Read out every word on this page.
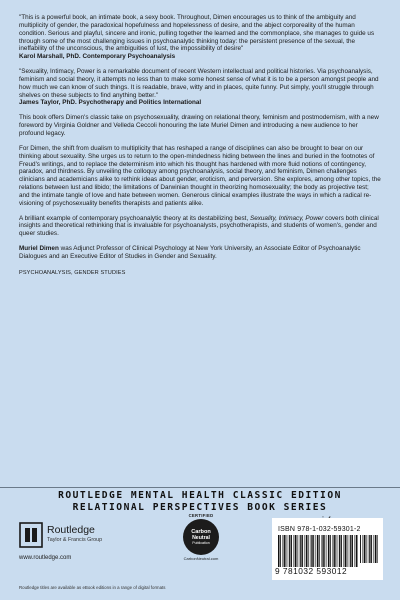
"This is a powerful book, an intimate book, a sexy book. Throughout, Dimen encourages us to think of the ambiguity and multiplicity of gender, the paradoxical hopefulness and hopelessness of desire, and the abject corporeality of the human condition. Serious and playful, sincere and ironic, pulling together the learned and the commonplace, she manages to guide us through some of the most challenging issues in psychoanalytic thinking today: the persistent presence of the sexual, the ineffability of the unconscious, the ambiguities of lust, the impossibility of desire"
Karol Marshall, PhD. Contemporary Psychoanalysis

"Sexuality, Intimacy, Power is a remarkable document of recent Western intellectual and political histories. Via psychoanalysis, feminism and social theory, it attempts no less than to make some honest sense of what it is to be a person amongst people and how much we can know of such things. It is readable, brave, witty and in places, quite funny. Put simply, you'll struggle through shelves on these subjects to find anything better."
James Taylor, PhD. Psychotherapy and Politics International

This book offers Dimen's classic take on psychosexuality, drawing on relational theory, feminism and postmodernism, with a new foreword by Virginia Goldner and Velleda Ceccoli honouring the late Muriel Dimen and introducing a new audience to her profound legacy.

For Dimen, the shift from dualism to multiplicity that has reshaped a range of disciplines can also be brought to bear on our thinking about sexuality. She urges us to return to the open-mindedness hiding between the lines and buried in the footnotes of Freud's writings, and to replace the determinism into which his thought has hardened with more fluid notions of contingency, paradox, and thirdness. By unveiling the colloquy among psychoanalysis, social theory, and feminism, Dimen challenges clinicians and academicians alike to rethink ideas about gender, eroticism, and perversion. She explores, among other topics, the relations between lust and libido; the limitations of Darwinian thought in theorizing homosexuality; the body as projective test; and the intimate tangle of love and hate between women. Generous clinical examples illustrate the ways in which a radical re-visioning of psychosexuality benefits therapists and patients alike.

A brilliant example of contemporary psychoanalytic theory at its destabilizing best, Sexuality, Intimacy, Power covers both clinical insights and theoretical rethinking that is invaluable for psychoanalysts, psychotherapists, and students of women's, gender and queer studies.

Muriel Dimen was Adjunct Professor of Clinical Psychology at New York University, an Associate Editor of Psychoanalytic Dialogues and an Executive Editor of Studies in Gender and Sexuality.

PSYCHOANALYSIS, GENDER STUDIES

ROUTLEDGE MENTAL HEALTH CLASSIC EDITION
RELATIONAL PERSPECTIVES BOOK SERIES
Routledge
Taylor & Francis Group
www.routledge.com
CERTIFIED
Carbon
Neutral
Publication
CarbonNeutral.com
ISBN 978-1-032-59301-2
9 781032 593012
Routledge titles are available as eBook editions in a range of digital formats
